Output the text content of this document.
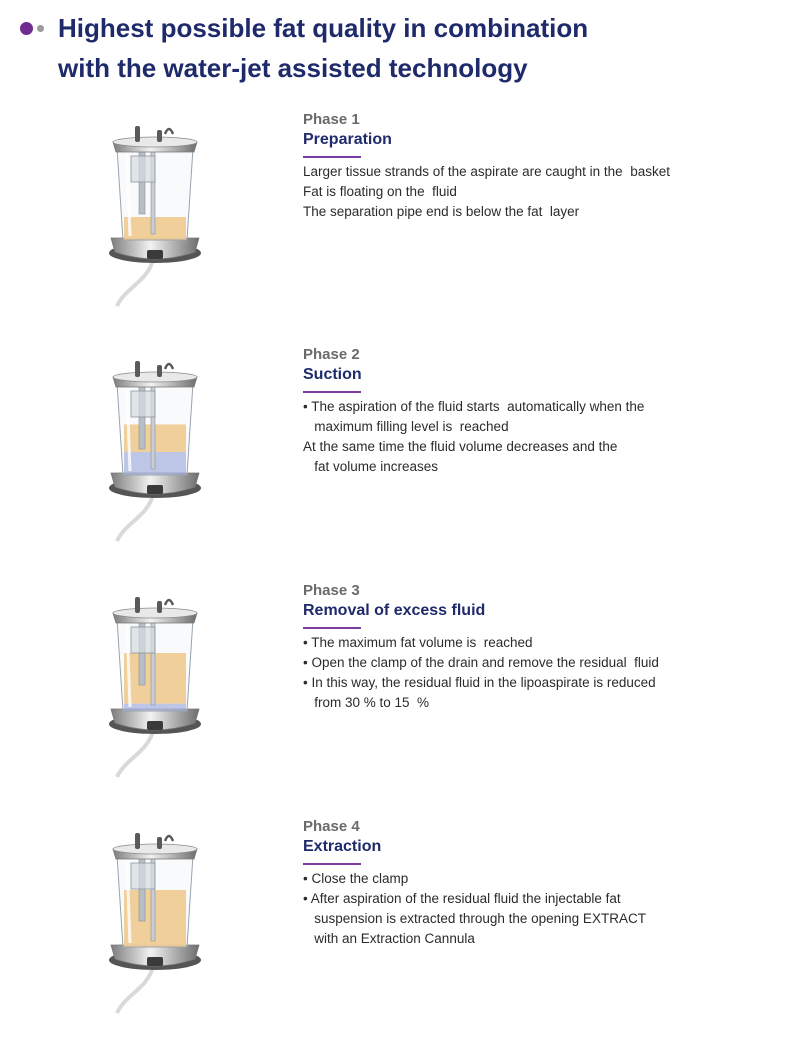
Highest possible fat quality in combination
with the water-jet assisted technology
Phase 1
Preparation
Larger tissue strands of the aspirate are caught in the  basket
Fat is floating on the  fluid
The separation pipe end is below the fat  layer
Phase 2
Suction
• The aspiration of the fluid starts  automatically when the
maximum filling level is  reached
At the same time the fluid volume decreases and the
fat volume increases
Phase 3
Removal of excess fluid
• The maximum fat volume is  reached
• Open the clamp of the drain and remove the residual  fluid
• In this way, the residual fluid in the lipoaspirate is reduced
from 30 % to 15  %
Phase 4
Extraction
• Close the clamp
• After aspiration of the residual fluid the injectable fat
suspension is extracted through the opening EXTRACT
with an Extraction Cannula
